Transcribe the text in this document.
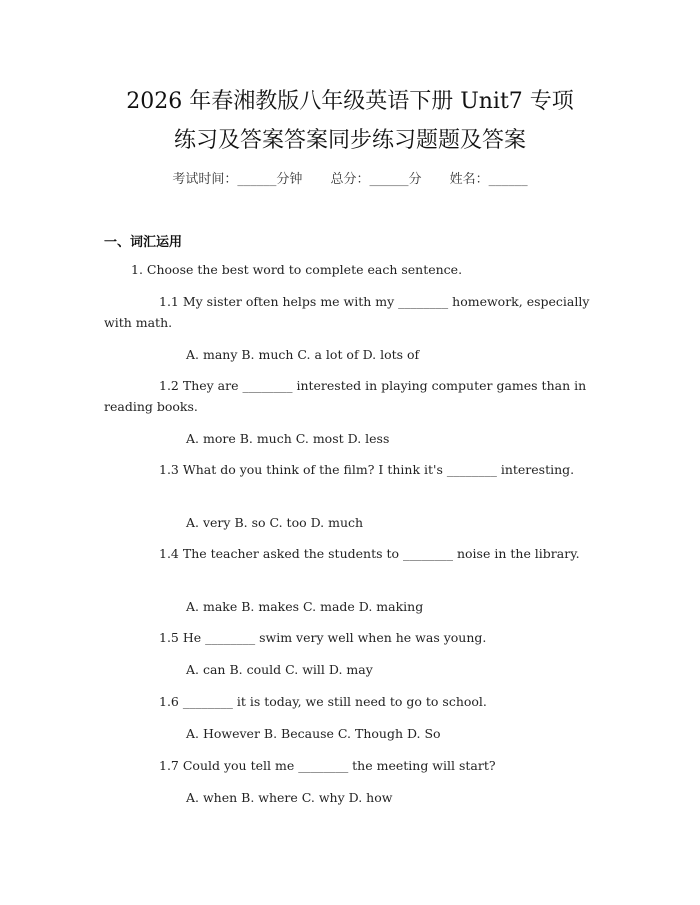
2026 年春湘教版八年级英语下册 Unit7 专项
练习及答案答案同步练习题题及答案
考试时间：______分钟 总分：______分 姓名：______
一、词汇运用
1. Choose the best word to complete each sentence.
1.1 My sister often helps me with my ________ homework, especially with math.
A. many B. much C. a lot of D. lots of
1.2 They are ________ interested in playing computer games than in reading books.
A. more B. much C. most D. less
1.3 What do you think of the film? I think it's ________ interesting.
A. very B. so C. too D. much
1.4 The teacher asked the students to ________ noise in the library.
A. make B. makes C. made D. making
1.5 He ________ swim very well when he was young.
A. can B. could C. will D. may
1.6 ________ it is today, we still need to go to school.
A. However B. Because C. Though D. So
1.7 Could you tell me ________ the meeting will start?
A. when B. where C. why D. how
